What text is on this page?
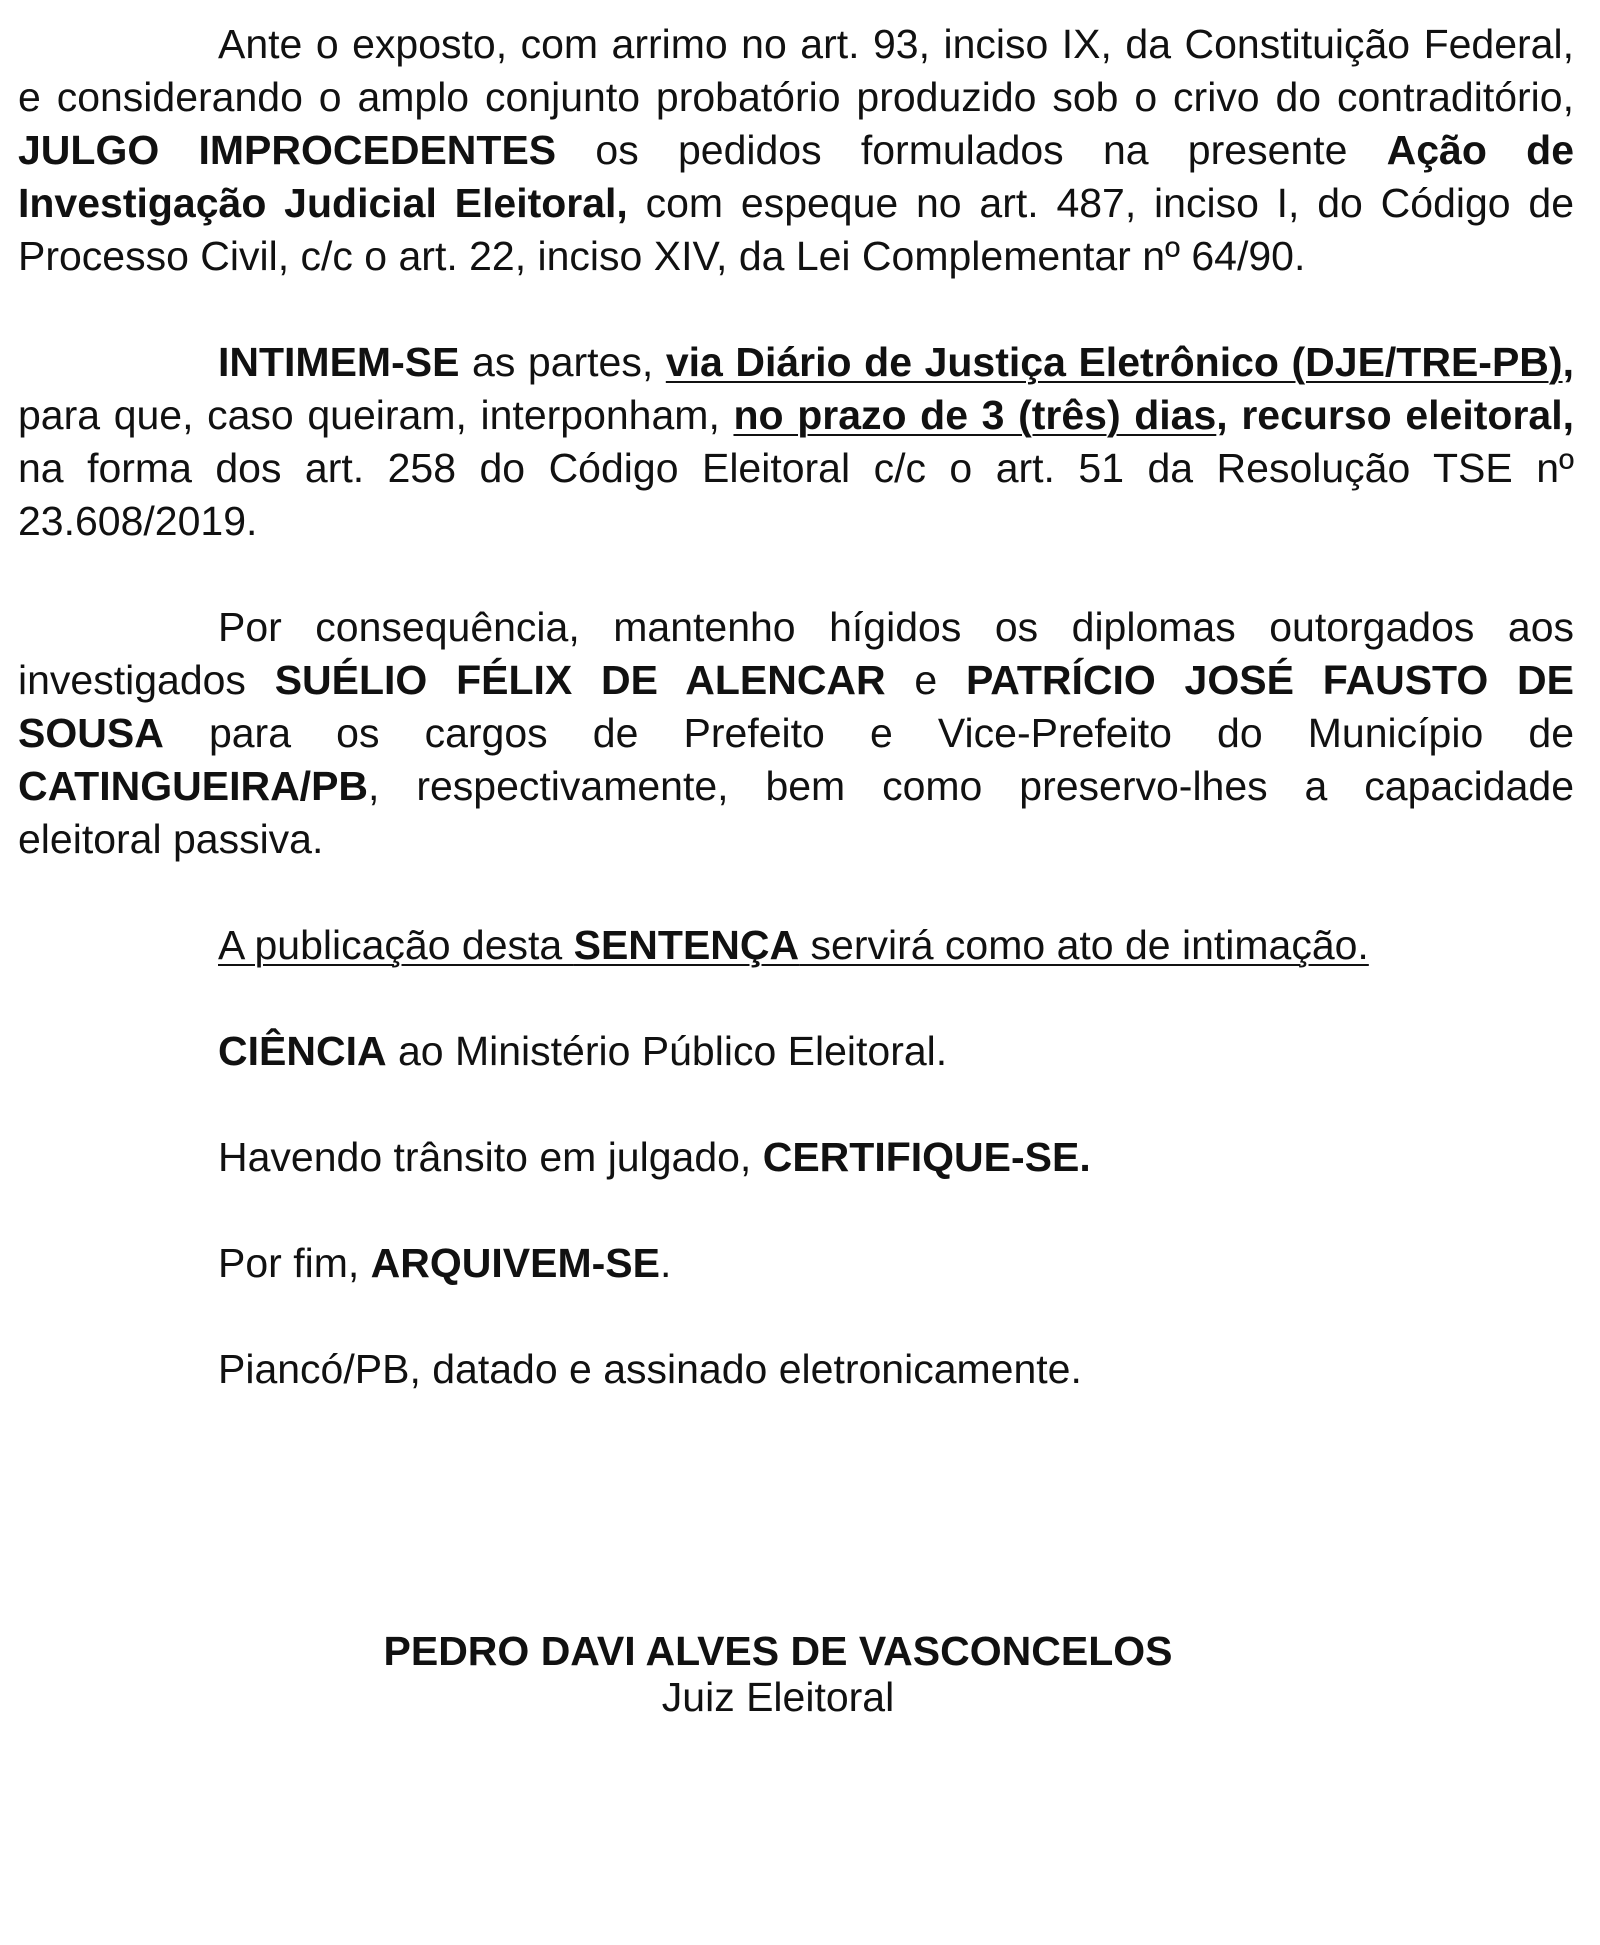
Ante o exposto, com arrimo no art. 93, inciso IX, da Constituição Federal, e considerando o amplo conjunto probatório produzido sob o crivo do contraditório, JULGO IMPROCEDENTES os pedidos formulados na presente Ação de Investigação Judicial Eleitoral, com espeque no art. 487, inciso I, do Código de Processo Civil, c/c o art. 22, inciso XIV, da Lei Complementar nº 64/90.

INTIMEM-SE as partes, via Diário de Justiça Eletrônico (DJE/TRE-PB), para que, caso queiram, interponham, no prazo de 3 (três) dias, recurso eleitoral, na forma dos art. 258 do Código Eleitoral c/c o art. 51 da Resolução TSE nº 23.608/2019.

Por consequência, mantenho hígidos os diplomas outorgados aos investigados SUÉLIO FÉLIX DE ALENCAR e PATRÍCIO JOSÉ FAUSTO DE SOUSA para os cargos de Prefeito e Vice-Prefeito do Município de CATINGUEIRA/PB, respectivamente, bem como preservo-lhes a capacidade eleitoral passiva.

A publicação desta SENTENÇA servirá como ato de intimação.

CIÊNCIA ao Ministério Público Eleitoral.

Havendo trânsito em julgado, CERTIFIQUE-SE.

Por fim, ARQUIVEM-SE.

Piancó/PB, datado e assinado eletronicamente.

PEDRO DAVI ALVES DE VASCONCELOS
Juiz Eleitoral
